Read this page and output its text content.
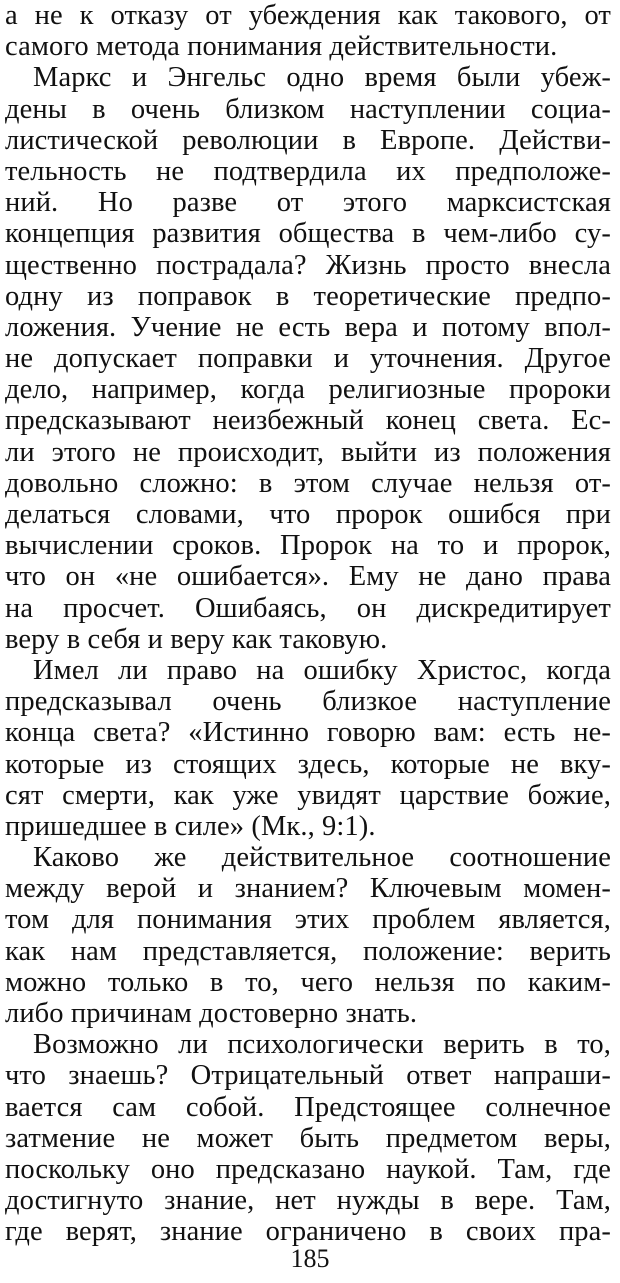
а не к отказу от убеждения как такового, от
самого метода понимания действительности.
Маркс и Энгельс одно время были убеж-
дены в очень близком наступлении социа-
листической революции в Европе. Действи-
тельность не подтвердила их предположе-
ний. Но разве от этого марксистская
концепция развития общества в чем-либо су-
щественно пострадала? Жизнь просто внесла
одну из поправок в теоретические предпо-
ложения. Учение не есть вера и потому впол-
не допускает поправки и уточнения. Другое
дело, например, когда религиозные пророки
предсказывают неизбежный конец света. Ес-
ли этого не происходит, выйти из положения
довольно сложно: в этом случае нельзя от-
делаться словами, что пророк ошибся при
вычислении сроков. Пророк на то и пророк,
что он «не ошибается». Ему не дано права
на просчет. Ошибаясь, он дискредитирует
веру в себя и веру как таковую.
Имел ли право на ошибку Христос, когда
предсказывал очень близкое наступление
конца света? «Истинно говорю вам: есть не-
которые из стоящих здесь, которые не вку-
сят смерти, как уже увидят царствие божие,
пришедшее в силе» (Мк., 9:1).
Каково же действительное соотношение
между верой и знанием? Ключевым момен-
том для понимания этих проблем является,
как нам представляется, положение: верить
можно только в то, чего нельзя по каким-
либо причинам достоверно знать.
Возможно ли психологически верить в то,
что знаешь? Отрицательный ответ напраши-
вается сам собой. Предстоящее солнечное
затмение не может быть предметом веры,
поскольку оно предсказано наукой. Там, где
достигнуто знание, нет нужды в вере. Там,
где верят, знание ограничено в своих пра-
185
